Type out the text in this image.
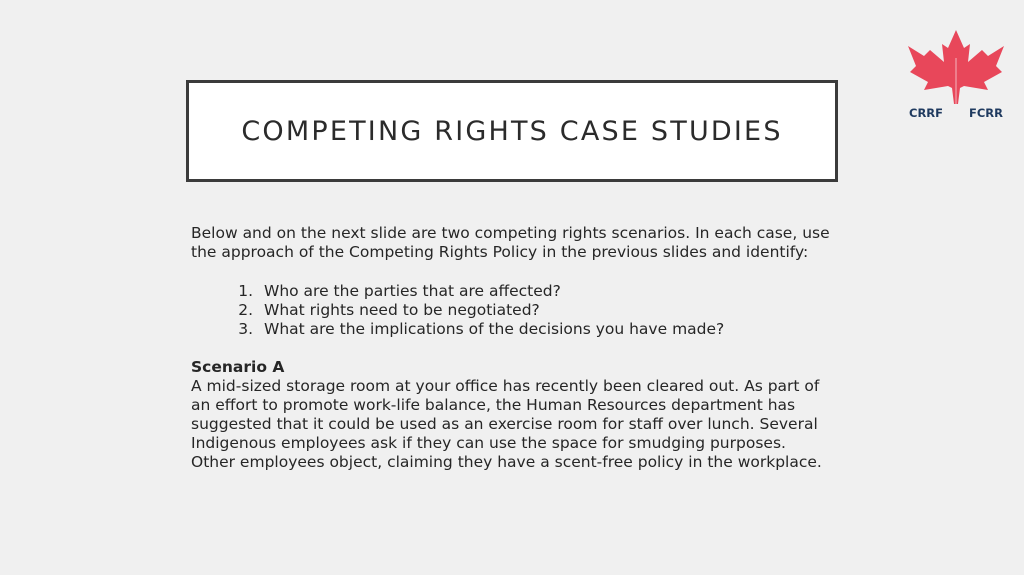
COMPETING RIGHTS CASE STUDIES
CRRF FCRR

Below and on the next slide are two competing rights scenarios. In each case, use the approach of the Competing Rights Policy in the previous slides and identify:

1. Who are the parties that are affected?
2. What rights need to be negotiated?
3. What are the implications of the decisions you have made?

Scenario A

A mid-sized storage room at your office has recently been cleared out. As part of an effort to promote work-life balance, the Human Resources department has suggested that it could be used as an exercise room for staff over lunch. Several Indigenous employees ask if they can use the space for smudging purposes. Other employees object, claiming they have a scent-free policy in the workplace.
